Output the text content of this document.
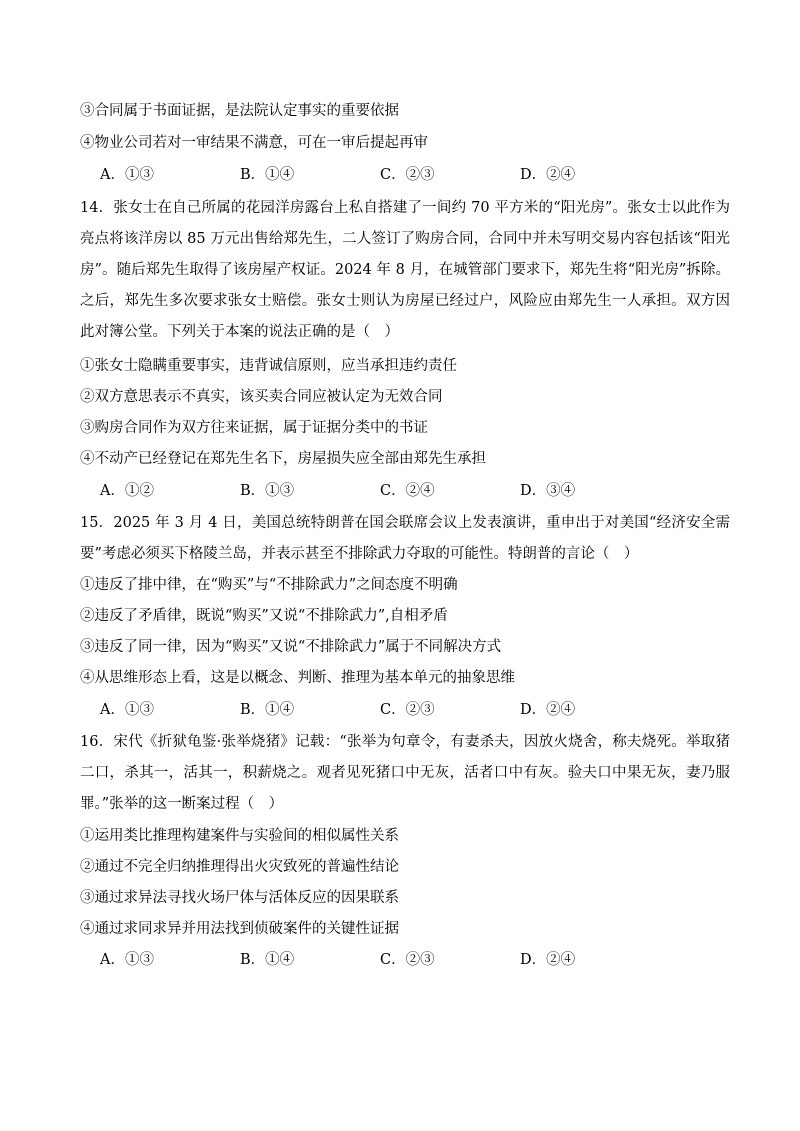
③合同属于书面证据，是法院认定事实的重要依据
④物业公司若对一审结果不满意，可在一审后提起再审
A．①③	B．①④	C．②③	D．②④
14．张女士在自己所属的花园洋房露台上私自搭建了一间约 70 平方米的“阳光房”。张女士以此作为亮点将该洋房以 85 万元出售给郑先生，二人签订了购房合同，合同中并未写明交易内容包括该“阳光房”。随后郑先生取得了该房屋产权证。2024 年 8 月，在城管部门要求下，郑先生将“阳光房”拆除。之后，郑先生多次要求张女士赔偿。张女士则认为房屋已经过户，风险应由郑先生一人承担。双方因此对簿公堂。下列关于本案的说法正确的是（　）
①张女士隐瞒重要事实，违背诚信原则，应当承担违约责任
②双方意思表示不真实，该买卖合同应被认定为无效合同
③购房合同作为双方往来证据，属于证据分类中的书证
④不动产已经登记在郑先生名下，房屋损失应全部由郑先生承担
A．①②	B．①③	C．②④	D．③④
15．2025 年 3 月 4 日，美国总统特朗普在国会联席会议上发表演讲，重申出于对美国“经济安全需要”考虑必须买下格陵兰岛，并表示甚至不排除武力夺取的可能性。特朗普的言论（　）
①违反了排中律，在“购买”与“不排除武力”之间态度不明确
②违反了矛盾律，既说“购买”又说“不排除武力”,自相矛盾
③违反了同一律，因为“购买”又说“不排除武力”属于不同解决方式
④从思维形态上看，这是以概念、判断、推理为基本单元的抽象思维
A．①③	B．①④	C．②③	D．②④
16．宋代《折狱龟鉴·张举烧猪》记载：“张举为句章令，有妻杀夫，因放火烧舍，称夫烧死。举取猪二口，杀其一，活其一，积薪烧之。观者见死猪口中无灰，活者口中有灰。验夫口中果无灰，妻乃服罪。”张举的这一断案过程（　）
①运用类比推理构建案件与实验间的相似属性关系
②通过不完全归纳推理得出火灾致死的普遍性结论
③通过求异法寻找火场尸体与活体反应的因果联系
④通过求同求异并用法找到侦破案件的关键性证据
A．①③	B．①④	C．②③	D．②④
